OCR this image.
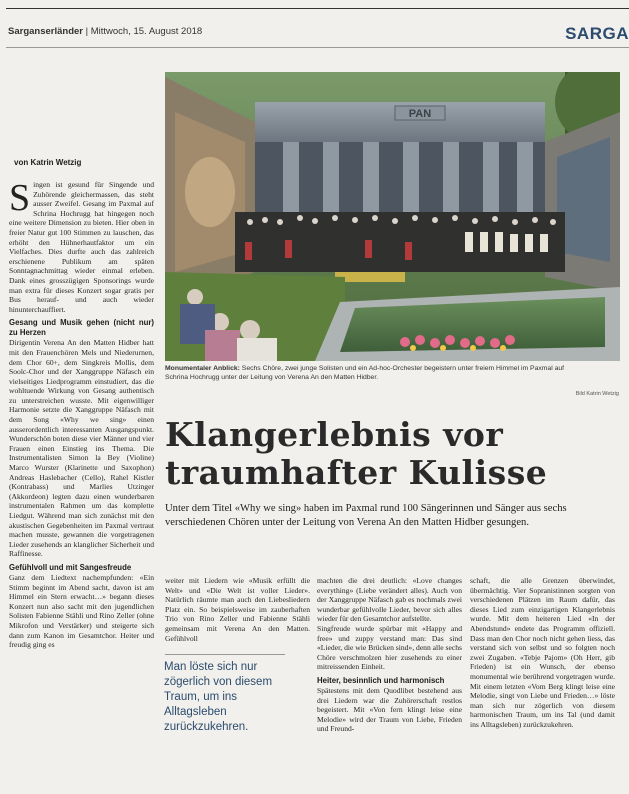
Sarganserländer | Mittwoch, 15. August 2018	SARGA
von Katrin Wetzig

Singen ist gesund für Singende und Zuhörende gleichermassen, das steht ausser Zweifel. Gesang im Paxmal auf Schrina Hochrugg hat hingegen noch eine weitere Dimension zu bieten. Hier oben in freier Natur gut 100 Stimmen zu lauschen, das erhöht den Hühnerhautfaktor um ein Vielfaches. Dies durfte auch das zahlreich erschienene Publikum am späten Sonntagnachmittag wieder einmal erleben. Dank eines grosszügigen Sponsorings wurde man extra für dieses Konzert sogar gratis per Bus herauf- und auch wieder hinunterchauffiert.

Gesang und Musik gehen (nicht nur) zu Herzen

Dirigentin Verena An den Matten Hidber hatt mit den Frauenchören Mels und Niederurnen, dem Chor 60+, dem Singkreis Mollis, dem Soolc-Chor und der Xanggruppe Näfasch ein vielseitiges Liedprogramm einstudiert, das die wohltuende Wirkung von Gesang authentisch zu unterstreichen wusste. Mit eigenwilliger Harmonie setzte die Xanggruppe Näfasch mit dem Song «Why we sing» einen ausserordentlich interessanten Ausgangspunkt. Wunderschön boten diese vier Männer und vier Frauen einen Einstieg ins Thema. Die Instrumentalisten Simon la Bey (Violine) Marco Wurster (Klarinette und Saxophon) Andreas Haslebacher (Cello), Rahel Kistler (Kontrabass) und Marlies Utzinger (Akkordeon) legten dazu einen wunderbaren instrumentalen Rahmen um das komplette Liedgut. Während man sich zunächst mit den akustischen Gegebenheiten im Paxmal vertraut machen musste, gewannen die vorgetragenen Lieder zusehends an klanglicher Sicherheit und Raffinesse.

Gefühlvoll und mit Sangesfreude

Ganz dem Liedtext nachempfunden: «Ein Stimm beginnt im Abend sacht, davon ist am Himmel ein Stern erwacht…» begann dieses Konzert nun also sacht mit den jugendlichen Solisten Fabienne Stähli und Rino Zeller (ohne Mikrofon und Verstärker) und steigerte sich dann zum Kanon im Gesamtchor. Heiter und freudig ging es

PAN
Monumentaler Anblick: Sechs Chöre, zwei junge Solisten und ein Ad-hoc-Orchester begeistern unter freiem Himmel im Paxmal auf Schrina Hochrugg unter der Leitung von Verena An den Matten Hidber.
Bild Katrin Wetzig
Klangerlebnis vor traumhafter Kulisse
Unter dem Titel «Why we sing» haben im Paxmal rund 100 Sängerinnen und Sänger aus sechs verschiedenen Chören unter der Leitung von Verena An den Matten Hidber gesungen.

weiter mit Liedern wie «Musik erfüllt die Welt» und «Die Welt ist voller Lieder». Natürlich räumte man auch den Liebesliedern Platz ein. So beispielsweise im zauberhaften Trio von Rino Zeller und Fabienne Stähli gemeinsam mit Verena An den Matten. Gefühlvoll

Man löste sich nur zögerlich von diesem Traum, um ins Alltagsleben zurückzukehren.

machten die drei deutlich: «Love changes everything» (Liebe verändert alles). Auch von der Xanggruppe Näfasch gab es nochmals zwei wunderbar gefühlvolle Lieder, bevor sich alles wieder für den Gesamtchor aufstellte.

Singfreude wurde spürbar mit «Happy and free» und zuppy verstand man: Das sind «Lieder, die wie Brücken sind», denn alle sechs Chöre verschmolzen hier zusehends zu einer mitreissenden Einheit.

Heiter, besinnlich und harmonisch

Spätestens mit dem Quodlibet bestehend aus drei Liedern war die Zuhörerschaft restlos begeistert. Mit «Von fern klingt leise eine Melodie» wird der Traum von Liebe, Frieden und Freund-

schaft, die alle Grenzen überwindet, übermächtig. Vier Sopranistinnen sorgten von verschiedenen Plätzen im Raum dafür, das dieses Lied zum einzigartigen Klangerlebnis wurde. Mit dem heiteren Lied «In der Abendstund» endete das Programm offiziell. Dass man den Chor noch nicht gehen liess, das verstand sich von selbst und so folgten noch zwei Zugaben. «Tebje Pajom» (Oh Herr, gib Frieden) ist ein Wunsch, der ebenso monumental wie berührend vorgetragen wurde. Mit einem letzten «Vom Berg klingt leise eine Melodie, singt von Liebe und Frieden…» löste man sich nur zögerlich von diesem harmonischen Traum, um ins Tal (und damit ins Alltagsleben) zurückzukehren.
